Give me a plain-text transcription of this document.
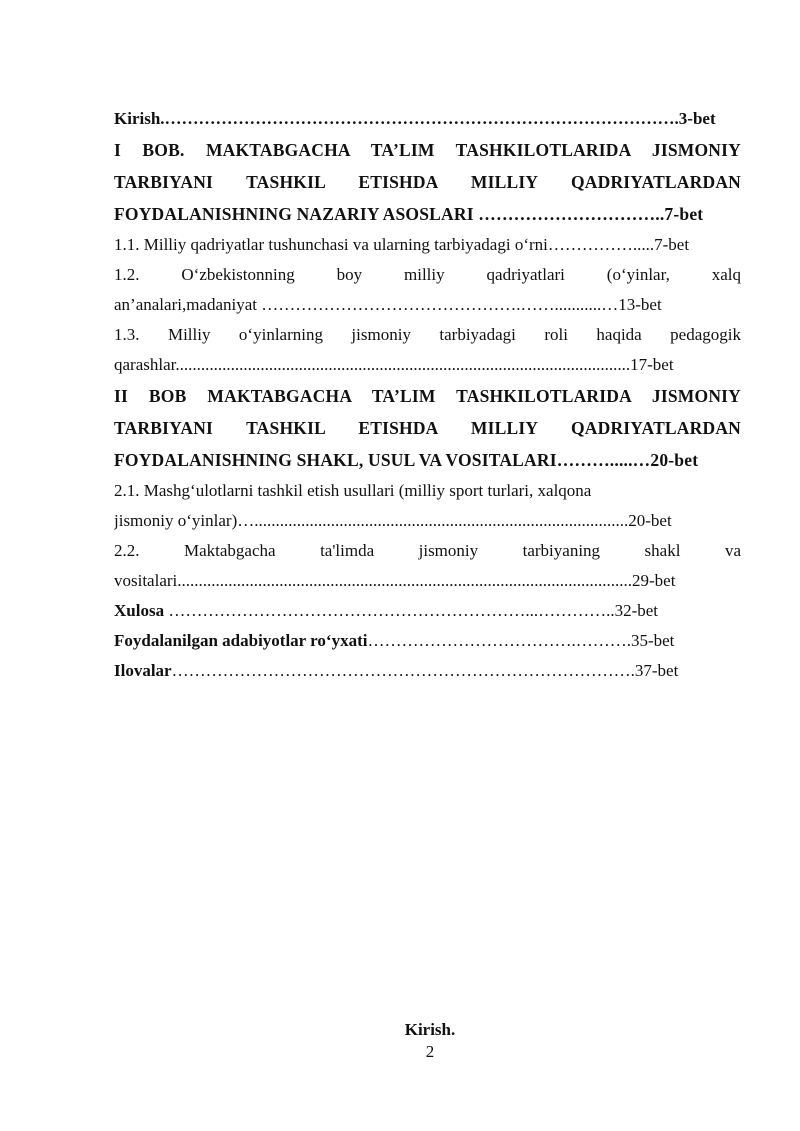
Kirish.……………………………………………………………………………….3-bet
I BOB. MAKTABGACHA TA’LIM TASHKILOTLARIDA JISMONIY
TARBIYANI TASHKIL ETISHDA MILLIY QADRIYATLARDAN
FOYDALANISHNING NAZARIY ASOSLARI …………………………..7-bet
1.1. Milliy qadriyatlar tushunchasi va ularning tarbiyadagi o‘rni…………….....7-bet
1.2. O‘zbekistonning boy milliy qadriyatlari (o‘yinlar, xalq
an’analari,madaniyat ……………………………………….……...........…13-bet
1.3. Milliy o‘yinlarning jismoniy tarbiyadagi roli haqida pedagogik
qarashlar...........................................................................................................17-bet
II BOB MAKTABGACHA TA’LIM TASHKILOTLARIDA JISMONIY
TARBIYANI TASHKIL ETISHDA MILLIY QADRIYATLARDAN
FOYDALANISHNING SHAKL, USUL VA VOSITALARI……….....…20-bet
2.1. Mashg‘ulotlarni tashkil etish usullari (milliy sport turlari, xalqona
jismoniy o‘yinlar)…........................................................................................20-bet
2.2. Maktabgacha ta'limda jismoniy tarbiyaning shakl va
vositalari...........................................................................................................29-bet
Xulosa ………………………………………………………...…………..32-bet
Foydalanilgan adabiyotlar ro‘yxati……………………………….……….35-bet
Ilovalar……………………………………………………………………….37-bet
Kirish.
2
